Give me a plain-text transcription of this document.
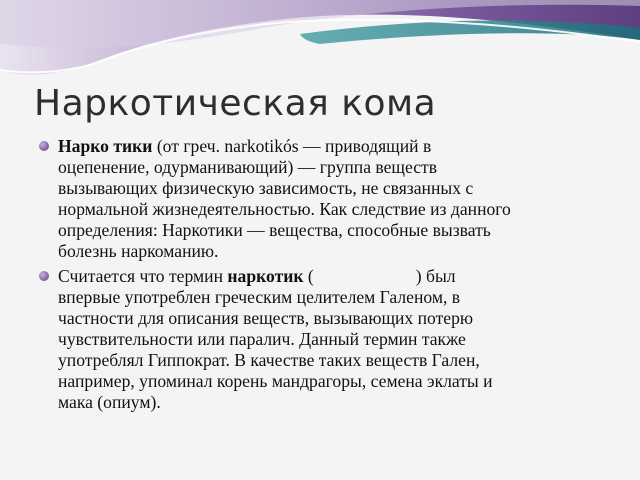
Наркотическая кома
Нарко тики (от греч. narkotikós — приводящий в
оцепенение, одурманивающий) — группа веществ
вызывающих физическую зависимость, не связанных с
нормальной жизнедеятельностью. Как следствие из данного
определения: Наркотики — вещества, способные вызвать
болезнь наркоманию.
Считается что термин наркотик (	) был
впервые употреблен греческим целителем Галеном, в
частности для описания веществ, вызывающих потерю
чувствительности или паралич. Данный термин также
употреблял Гиппократ. В качестве таких веществ Гален,
например, упоминал корень мандрагоры, семена эклаты и
мака (опиум).
